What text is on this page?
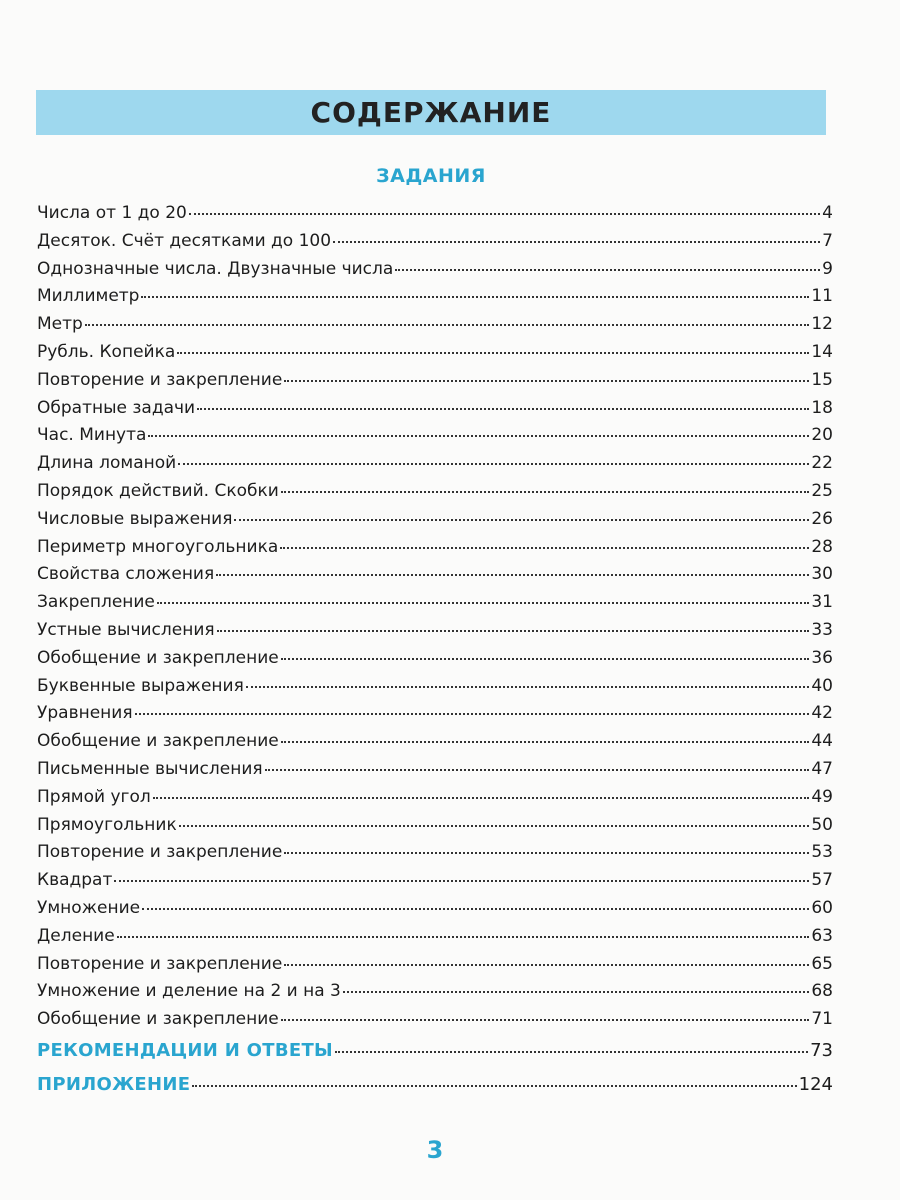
СОДЕРЖАНИЕ
ЗАДАНИЯ
Числа от 1 до 20	4
Десяток. Счёт десятками до 100	7
Однозначные числа. Двузначные числа	9
Миллиметр	11
Метр	12
Рубль. Копейка	14
Повторение и закрепление	15
Обратные задачи	18
Час. Минута	20
Длина ломаной	22
Порядок действий. Скобки	25
Числовые выражения	26
Периметр многоугольника	28
Свойства сложения	30
Закрепление	31
Устные вычисления	33
Обобщение и закрепление	36
Буквенные выражения	40
Уравнения	42
Обобщение и закрепление	44
Письменные вычисления	47
Прямой угол	49
Прямоугольник	50
Повторение и закрепление	53
Квадрат	57
Умножение	60
Деление	63
Повторение и закрепление	65
Умножение и деление на 2 и на 3	68
Обобщение и закрепление	71
РЕКОМЕНДАЦИИ И ОТВЕТЫ	73
ПРИЛОЖЕНИЕ	124
3
